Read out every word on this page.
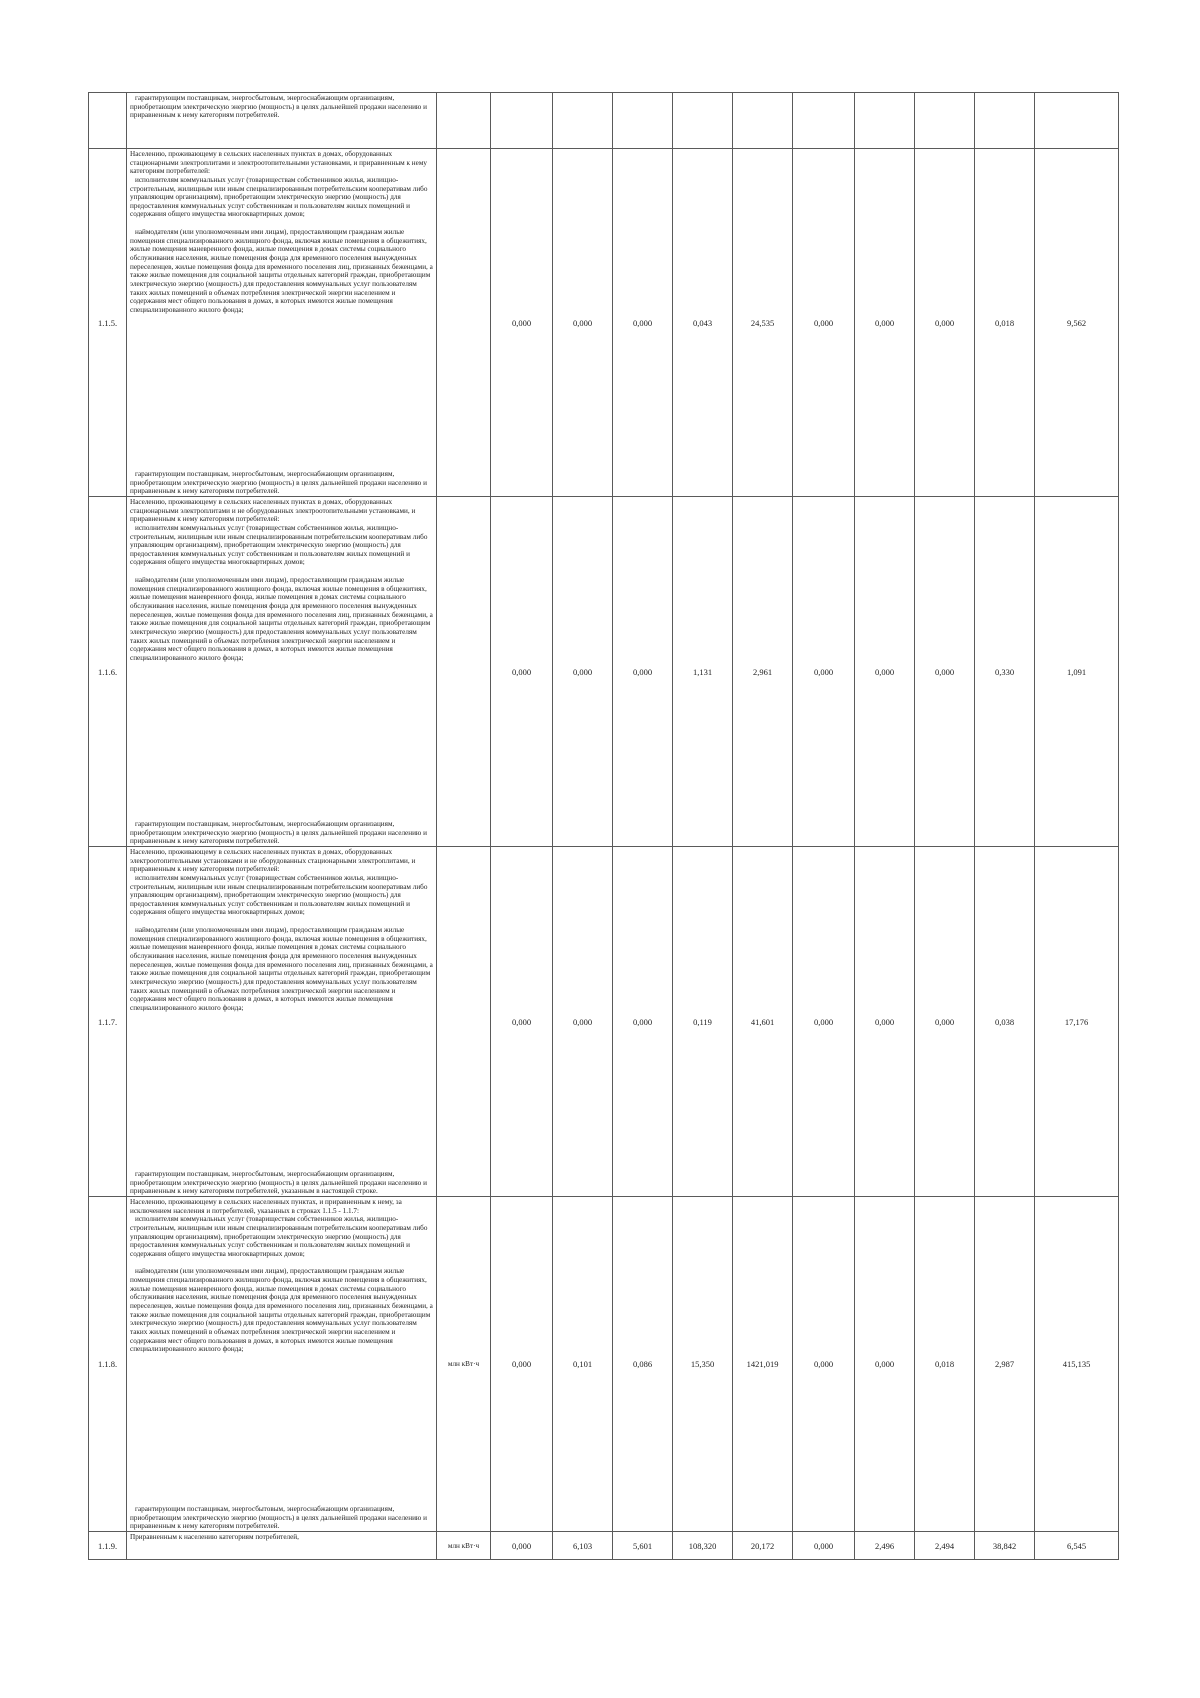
	гарантирующим поставщикам, энергосбытовым, энергоснабжающим организациям, приобретающим электрическую энергию (мощность) в целях дальнейшей продажи населению и приравненным к нему категориям потребителей.											

1.1.5.	Населению, проживающему в сельских населенных пунктах в домах, оборудованных стационарными электроплитами и электроотопительными установками, и приравненным к нему категориям потребителей:

исполнителям коммунальных услуг (товариществам собственников жилья, жилищно-строительным, жилищным или иным специализированным потребительским кооперативам либо управляющим организациям), приобретающим электрическую энергию (мощность) для предоставления коммунальных услуг собственникам и пользователям жилых помещений и содержания общего имущества многоквартирных домов;

наймодателям (или уполномоченным ими лицам), предоставляющим гражданам жилые помещения специализированного жилищного фонда, включая жилые помещения в общежитиях, жилые помещения маневренного фонда, жилые помещения в домах системы социального обслуживания населения, жилые помещения фонда для временного поселения вынужденных переселенцев, жилые помещения фонда для временного поселения лиц, признанных беженцами, а также жилые помещения для социальной защиты отдельных категорий граждан, приобретающим электрическую энергию (мощность) для предоставления коммунальных услуг пользователям таких жилых помещений в объемах потребления электрической энергии населением и содержания мест общего пользования в домах, в которых имеются жилые помещения специализированного жилого фонда;

гарантирующим поставщикам, энергосбытовым, энергоснабжающим организациям, приобретающим электрическую энергию (мощность) в целях дальнейшей продажи населению и приравненным к нему категориям потребителей.		0,000	0,000	0,000	0,043	24,535	0,000	0,000	0,000	0,018	9,562
1.1.6.	Населению, проживающему в сельских населенных пунктах в домах, оборудованных стационарными электроплитами и не оборудованных электроотопительными установками, и приравненным к нему категориям потребителей:

исполнителям коммунальных услуг (товариществам собственников жилья, жилищно-строительным, жилищным или иным специализированным потребительским кооперативам либо управляющим организациям), приобретающим электрическую энергию (мощность) для предоставления коммунальных услуг собственникам и пользователям жилых помещений и содержания общего имущества многоквартирных домов;

наймодателям (или уполномоченным ими лицам), предоставляющим гражданам жилые помещения специализированного жилищного фонда, включая жилые помещения в общежитиях, жилые помещения маневренного фонда, жилые помещения в домах системы социального обслуживания населения, жилые помещения фонда для временного поселения вынужденных переселенцев, жилые помещения фонда для временного поселения лиц, признанных беженцами, а также жилые помещения для социальной защиты отдельных категорий граждан, приобретающим электрическую энергию (мощность) для предоставления коммунальных услуг пользователям таких жилых помещений в объемах потребления электрической энергии населением и содержания мест общего пользования в домах, в которых имеются жилые помещения специализированного жилого фонда;

гарантирующим поставщикам, энергосбытовым, энергоснабжающим организациям, приобретающим электрическую энергию (мощность) в целях дальнейшей продажи населению и приравненным к нему категориям потребителей.		0,000	0,000	0,000	1,131	2,961	0,000	0,000	0,000	0,330	1,091
1.1.7.	Населению, проживающему в сельских населенных пунктах в домах, оборудованных электроотопительными установками и не оборудованных стационарными электроплитами, и приравненным к нему категориям потребителей:

исполнителям коммунальных услуг (товариществам собственников жилья, жилищно-строительным, жилищным или иным специализированным потребительским кооперативам либо управляющим организациям), приобретающим электрическую энергию (мощность) для предоставления коммунальных услуг собственникам и пользователям жилых помещений и содержания общего имущества многоквартирных домов;

наймодателям (или уполномоченным ими лицам), предоставляющим гражданам жилые помещения специализированного жилищного фонда, включая жилые помещения в общежитиях, жилые помещения маневренного фонда, жилые помещения в домах системы социального обслуживания населения, жилые помещения фонда для временного поселения вынужденных переселенцев, жилые помещения фонда для временного поселения лиц, признанных беженцами, а также жилые помещения для социальной защиты отдельных категорий граждан, приобретающим электрическую энергию (мощность) для предоставления коммунальных услуг пользователям таких жилых помещений в объемах потребления электрической энергии населением и содержания мест общего пользования в домах, в которых имеются жилые помещения специализированного жилого фонда;

гарантирующим поставщикам, энергосбытовым, энергоснабжающим организациям, приобретающим электрическую энергию (мощность) в целях дальнейшей продажи населению и приравненным к нему категориям потребителей, указанным в настоящей строке.		0,000	0,000	0,000	0,119	41,601	0,000	0,000	0,000	0,038	17,176
1.1.8.	Населению, проживающему в сельских населенных пунктах, и приравненным к нему, за исключением населения и потребителей, указанных в строках 1.1.5 - 1.1.7:

исполнителям коммунальных услуг (товариществам собственников жилья, жилищно-строительным, жилищным или иным специализированным потребительским кооперативам либо управляющим организациям), приобретающим электрическую энергию (мощность) для предоставления коммунальных услуг собственникам и пользователям жилых помещений и содержания общего имущества многоквартирных домов;

наймодателям (или уполномоченным ими лицам), предоставляющим гражданам жилые помещения специализированного жилищного фонда, включая жилые помещения в общежитиях, жилые помещения маневренного фонда, жилые помещения в домах системы социального обслуживания населения, жилые помещения фонда для временного поселения вынужденных переселенцев, жилые помещения фонда для временного поселения лиц, признанных беженцами, а также жилые помещения для социальной защиты отдельных категорий граждан, приобретающим электрическую энергию (мощность) для предоставления коммунальных услуг пользователям таких жилых помещений в объемах потребления электрической энергии населением и содержания мест общего пользования в домах, в которых имеются жилые помещения специализированного жилого фонда;

гарантирующим поставщикам, энергосбытовым, энергоснабжающим организациям, приобретающим электрическую энергию (мощность) в целях дальнейшей продажи населению и приравненным к нему категориям потребителей.	млн кВт·ч	0,000	0,101	0,086	15,350	1421,019	0,000	0,000	0,018	2,987	415,135
1.1.9.	Приравненным к населению категориям потребителей,	млн кВт·ч	0,000	6,103	5,601	108,320	20,172	0,000	2,496	2,494	38,842	6,545
